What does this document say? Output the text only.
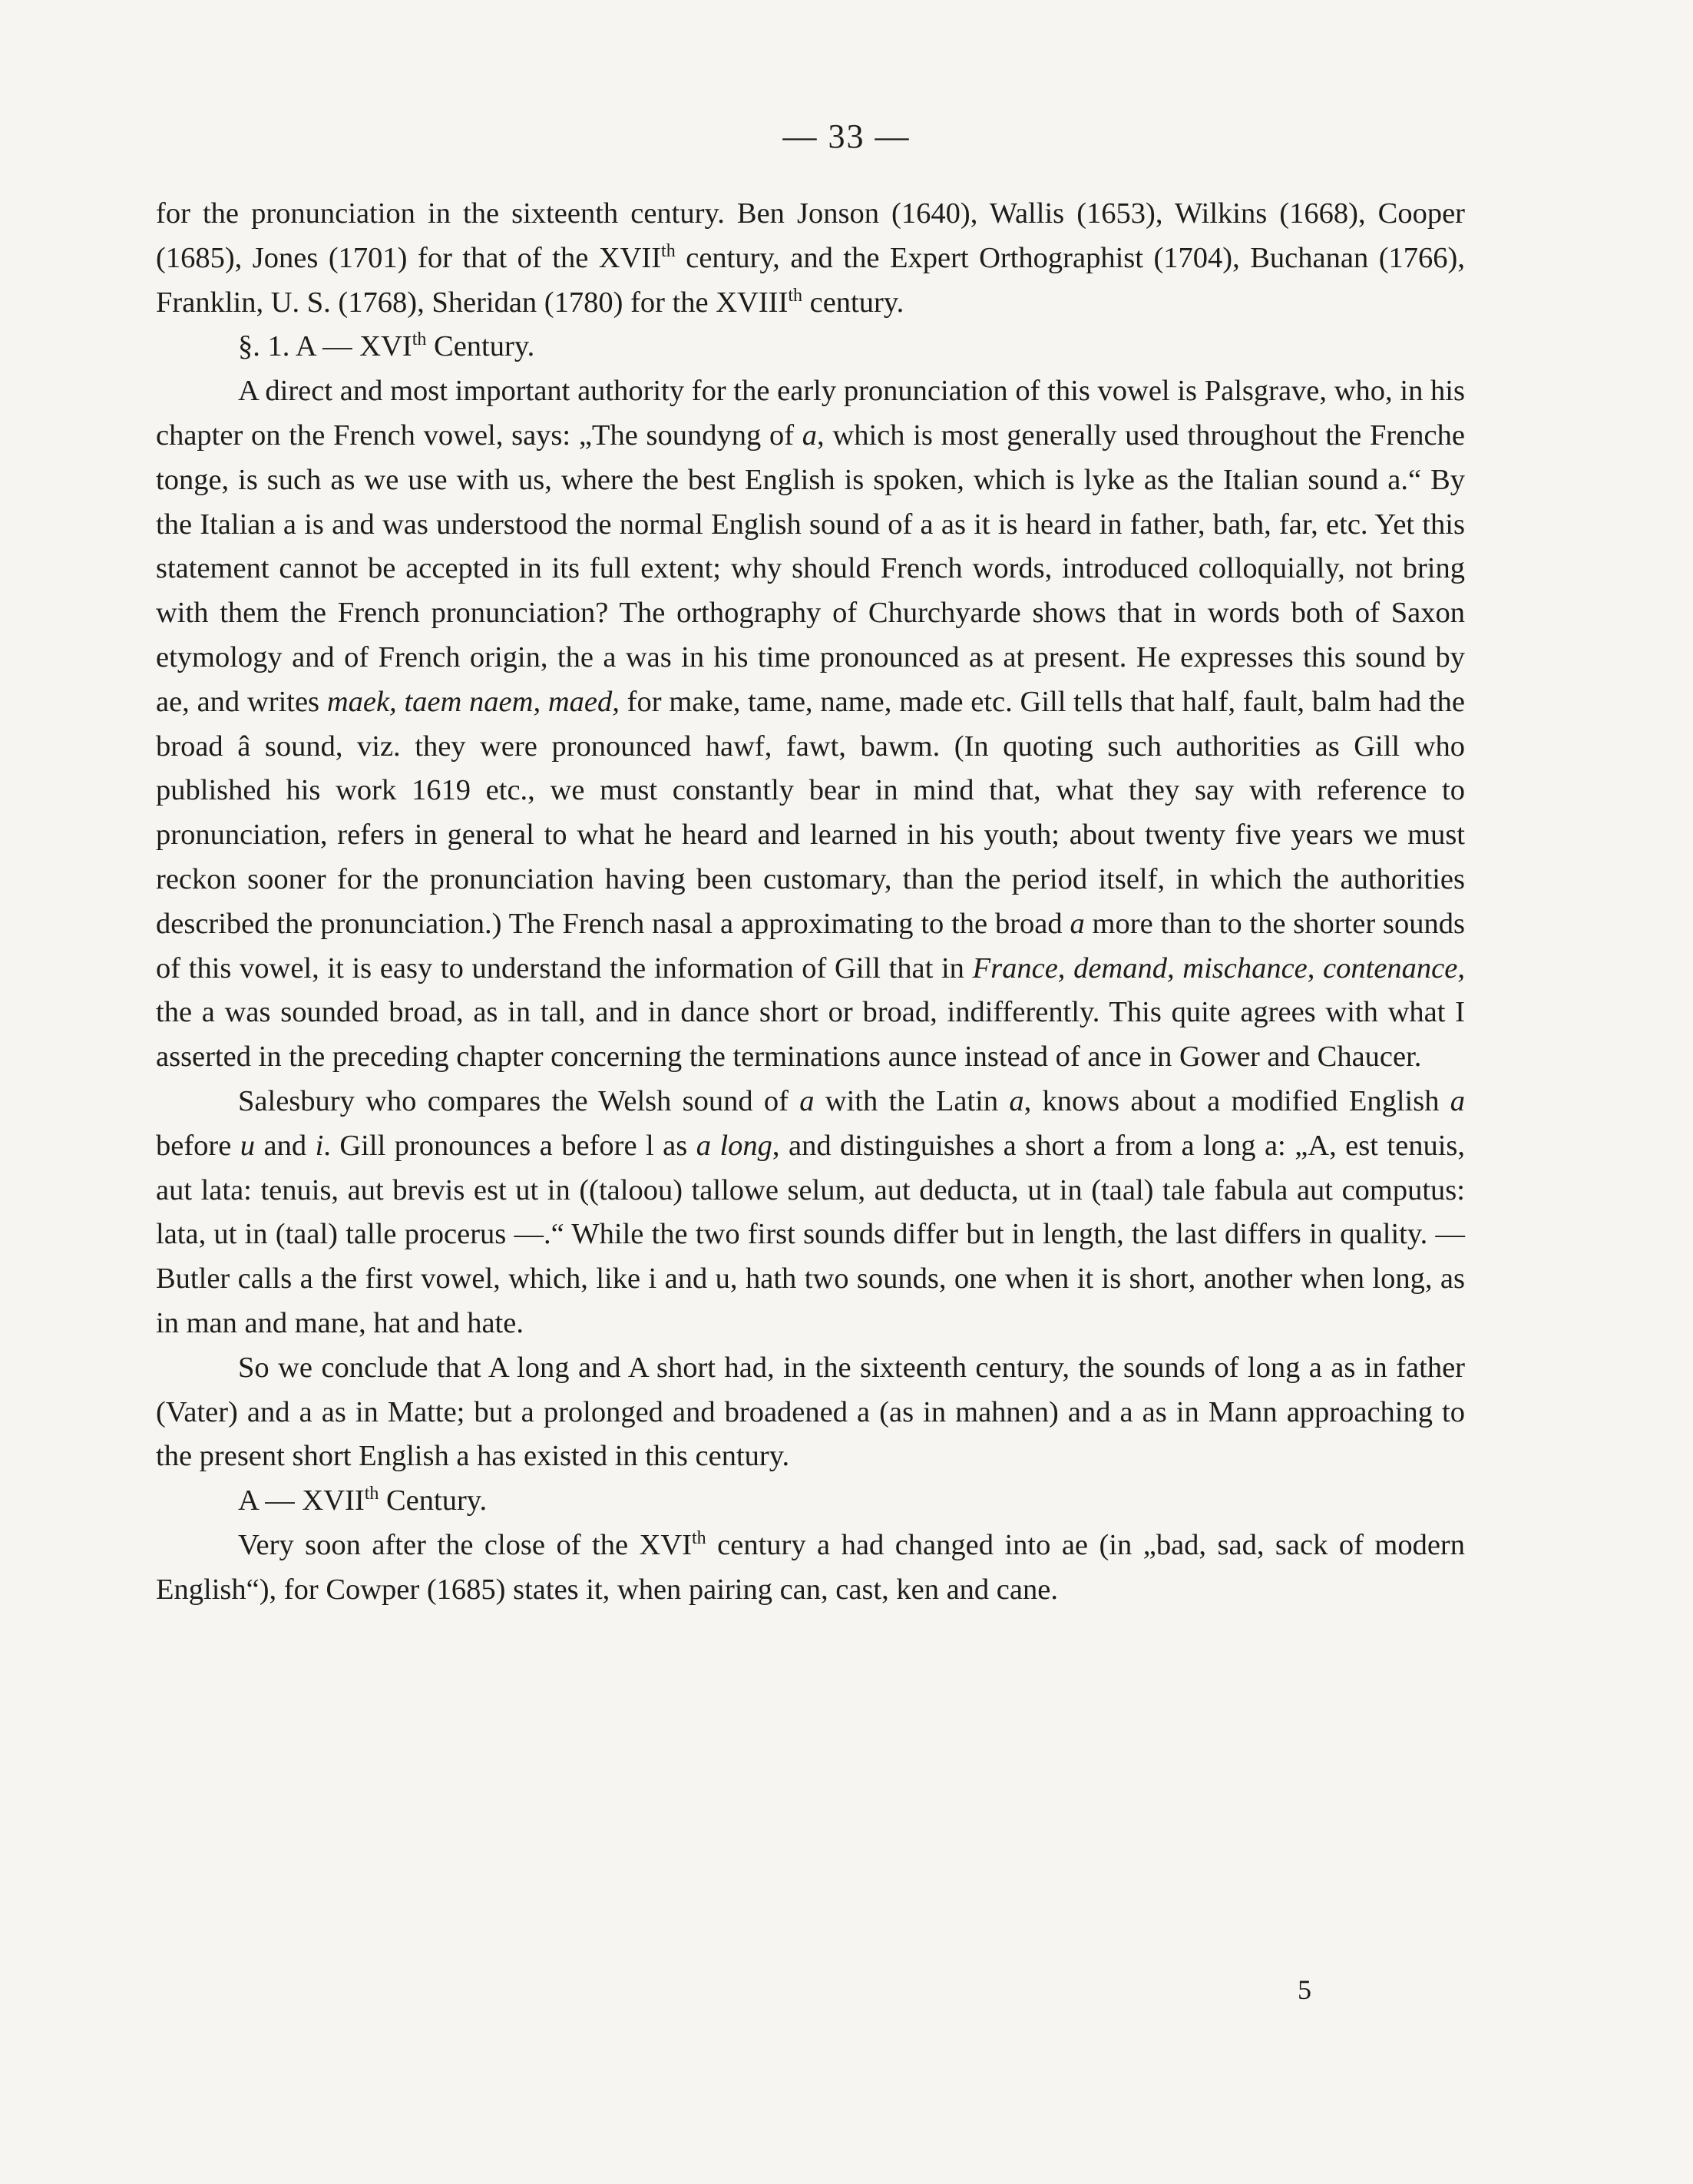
— 33 —

for the pronunciation in the sixteenth century. Ben Jonson (1640), Wallis (1653), Wilkins (1668), Cooper (1685), Jones (1701) for that of the XVIIth century, and the Expert Orthographist (1704), Buchanan (1766), Franklin, U. S. (1768), Sheridan (1780) for the XVIIIth century.

§. 1. A — XVIth Century.

A direct and most important authority for the early pronunciation of this vowel is Palsgrave, who, in his chapter on the French vowel, says: „The soundyng of a, which is most generally used throughout the Frenche tonge, is such as we use with us, where the best English is spoken, which is lyke as the Italian sound a.“ By the Italian a is and was understood the normal English sound of a as it is heard in father, bath, far, etc. Yet this statement cannot be accepted in its full extent; why should French words, introduced colloquially, not bring with them the French pronunciation? The orthography of Churchyarde shows that in words both of Saxon etymology and of French origin, the a was in his time pronounced as at present. He expresses this sound by ae, and writes maek, taem naem, maed, for make, tame, name, made etc. Gill tells that half, fault, balm had the broad â sound, viz. they were pronounced hawf, fawt, bawm. (In quoting such authorities as Gill who published his work 1619 etc., we must constantly bear in mind that, what they say with reference to pronunciation, refers in general to what he heard and learned in his youth; about twenty five years we must reckon sooner for the pronunciation having been customary, than the period itself, in which the authorities described the pronunciation.) The French nasal a approximating to the broad a more than to the shorter sounds of this vowel, it is easy to understand the information of Gill that in France, demand, mischance, contenance, the a was sounded broad, as in tall, and in dance short or broad, indifferently. This quite agrees with what I asserted in the preceding chapter concerning the terminations aunce instead of ance in Gower and Chaucer.

Salesbury who compares the Welsh sound of a with the Latin a, knows about a modified English a before u and i. Gill pronounces a before l as a long, and distinguishes a short a from a long a: „A, est tenuis, aut lata: tenuis, aut brevis est ut in ((taloou) tallowe selum, aut deducta, ut in (taal) tale fabula aut computus: lata, ut in (taal) talle procerus —.“ While the two first sounds differ but in length, the last differs in quality. — Butler calls a the first vowel, which, like i and u, hath two sounds, one when it is short, another when long, as in man and mane, hat and hate.

So we conclude that A long and A short had, in the sixteenth century, the sounds of long a as in father (Vater) and a as in Matte; but a prolonged and broadened a (as in mahnen) and a as in Mann approaching to the present short English a has existed in this century.

A — XVIIth Century.

Very soon after the close of the XVIth century a had changed into ae (in „bad, sad, sack of modern English“), for Cowper (1685) states it, when pairing can, cast, ken and cane.

5
